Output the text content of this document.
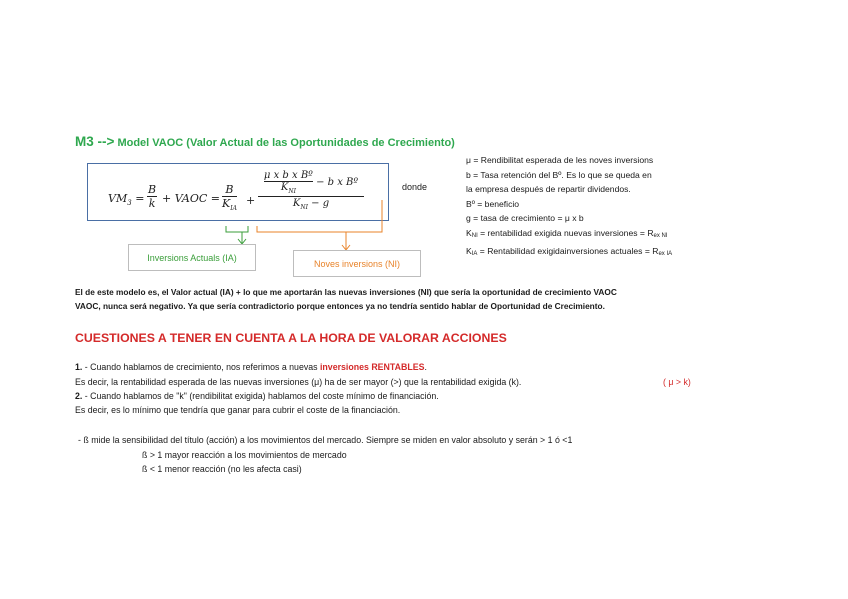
M3 --> Model VAOC (Valor Actual de las Oportunidades de Crecimiento)
$VM_3 = \frac{B}{k}$ + VAOC =
B
$K_{IA}$
+
μ x b x Bº
$K_{NI}$
− b x Bº
$K_{NI} - g$
donde
μ = Rendibilitat esperada de les noves inversions
b = Tasa retención del Bº. Es lo que se queda en
la empresa después de repartir dividendos.
Bº = beneficio
g = tasa de crecimiento = μ x b
KNI = rentabilidad exigida nuevas inversiones = Rex NI
KIA = Rentabilidad exigidainversiones actuales = Rex IA
Inversions Actuals (IA)
Noves inversions (NI)
El de este modelo es, el Valor actual (IA) + lo que me aportarán las nuevas inversiones (NI) que sería la oportunidad de crecimiento VAOC
VAOC, nunca será negativo. Ya que sería contradictorio porque entonces ya no tendría sentido hablar de Oportunidad de Crecimiento.
CUESTIONES A TENER EN CUENTA A LA HORA DE VALORAR ACCIONES
1. - Cuando hablamos de crecimiento, nos referimos a nuevas inversiones RENTABLES.
Es decir, la rentabilidad esperada de las nuevas inversiones (μ) ha de ser mayor (>) que la rentabilidad exigida (k).	( μ > k)
2. - Cuando hablamos de "k" (rendibilitat exigida) hablamos del coste mínimo de financiación.
Es decir, es lo mínimo que tendría que ganar para cubrir el coste de la financiación.
- ß mide la sensibilidad del título (acción) a los movimientos del mercado. Siempre se miden en valor absoluto y serán > 1 ó <1
ß > 1 mayor reacción a los movimientos de mercado
ß < 1 menor reacción (no les afecta casi)
